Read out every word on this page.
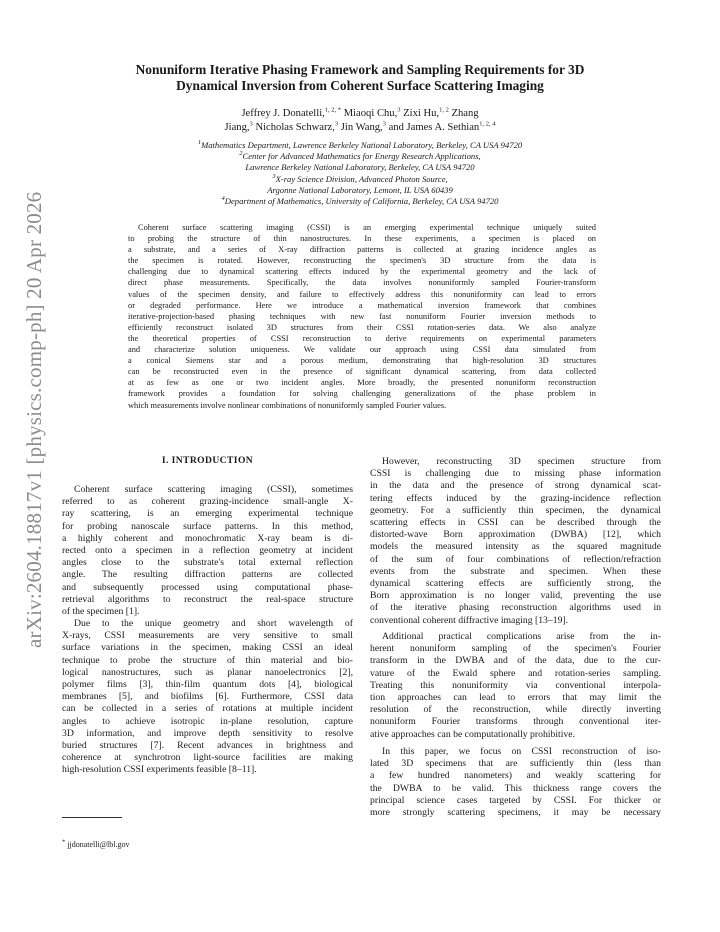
arXiv:2604.18817v1 [physics.comp-ph] 20 Apr 2026
Nonuniform Iterative Phasing Framework and Sampling Requirements for 3D
Dynamical Inversion from Coherent Surface Scattering Imaging
Jeffrey J. Donatelli,$^{1, 2, *}$ Miaoqi Chu,$^3$ Zixi Hu,$^{1, 2}$ Zhang
Jiang,$^3$ Nicholas Schwarz,$^3$ Jin Wang,$^3$ and James A. Sethian$^{1, 2, 4}$
$^1$Mathematics Department, Lawrence Berkeley National Laboratory, Berkeley, CA USA 94720
$^2$Center for Advanced Mathematics for Energy Research Applications,
Lawrence Berkeley National Laboratory, Berkeley, CA USA 94720
$^3$X-ray Science Division, Advanced Photon Source,
Argonne National Laboratory, Lemont, IL USA 60439
$^4$Department of Mathematics, University of California, Berkeley, CA USA 94720
Coherent surface scattering imaging (CSSI) is an emerging experimental technique uniquely suited
to probing the structure of thin nanostructures. In these experiments, a specimen is placed on
a substrate, and a series of X-ray diffraction patterns is collected at grazing incidence angles as
the specimen is rotated. However, reconstructing the specimen's 3D structure from the data is
challenging due to dynamical scattering effects induced by the experimental geometry and the lack of
direct phase measurements. Specifically, the data involves nonuniformly sampled Fourier-transform
values of the specimen density, and failure to effectively address this nonuniformity can lead to errors
or degraded performance. Here we introduce a mathematical inversion framework that combines
iterative-projection-based phasing techniques with new fast nonuniform Fourier inversion methods to
efficiently reconstruct isolated 3D structures from their CSSI rotation-series data. We also analyze
the theoretical properties of CSSI reconstruction to derive requirements on experimental parameters
and characterize solution uniqueness. We validate our approach using CSSI data simulated from
a conical Siemens star and a porous medium, demonstrating that high-resolution 3D structures
can be reconstructed even in the presence of significant dynamical scattering, from data collected
at as few as one or two incident angles. More broadly, the presented nonuniform reconstruction
framework provides a foundation for solving challenging generalizations of the phase problem in
which measurements involve nonlinear combinations of nonuniformly sampled Fourier values.
I. INTRODUCTION
Coherent surface scattering imaging (CSSI), sometimes
referred to as coherent grazing-incidence small-angle X-
ray scattering, is an emerging experimental technique
for probing nanoscale surface patterns. In this method,
a highly coherent and monochromatic X-ray beam is di-
rected onto a specimen in a reflection geometry at incident
angles close to the substrate's total external reflection
angle. The resulting diffraction patterns are collected
and subsequently processed using computational phase-
retrieval algorithms to reconstruct the real-space structure
of the specimen [1].
Due to the unique geometry and short wavelength of
X-rays, CSSI measurements are very sensitive to small
surface variations in the specimen, making CSSI an ideal
technique to probe the structure of thin material and bio-
logical nanostructures, such as planar nanoelectronics [2],
polymer films [3], thin-film quantum dots [4], biological
membranes [5], and biofilms [6]. Furthermore, CSSI data
can be collected in a series of rotations at multiple incident
angles to achieve isotropic in-plane resolution, capture
3D information, and improve depth sensitivity to resolve
buried structures [7]. Recent advances in brightness and
coherence at synchrotron light-source facilities are making
high-resolution CSSI experiments feasible [8–11].
However, reconstructing 3D specimen structure from
CSSI is challenging due to missing phase information
in the data and the presence of strong dynamical scat-
tering effects induced by the grazing-incidence reflection
geometry. For a sufficiently thin specimen, the dynamical
scattering effects in CSSI can be described through the
distorted-wave Born approximation (DWBA) [12], which
models the measured intensity as the squared magnitude
of the sum of four combinations of reflection/refraction
events from the substrate and specimen. When these
dynamical scattering effects are sufficiently strong, the
Born approximation is no longer valid, preventing the use
of the iterative phasing reconstruction algorithms used in
conventional coherent diffractive imaging [13–19].
Additional practical complications arise from the in-
herent nonuniform sampling of the specimen's Fourier
transform in the DWBA and of the data, due to the cur-
vature of the Ewald sphere and rotation-series sampling.
Treating this nonuniformity via conventional interpola-
tion approaches can lead to errors that may limit the
resolution of the reconstruction, while directly inverting
nonuniform Fourier transforms through conventional iter-
ative approaches can be computationally prohibitive.
In this paper, we focus on CSSI reconstruction of iso-
lated 3D specimens that are sufficiently thin (less than
a few hundred nanometers) and weakly scattering for
the DWBA to be valid. This thickness range covers the
principal science cases targeted by CSSI. For thicker or
more strongly scattering specimens, it may be necessary
* jjdonatelli@lbl.gov
